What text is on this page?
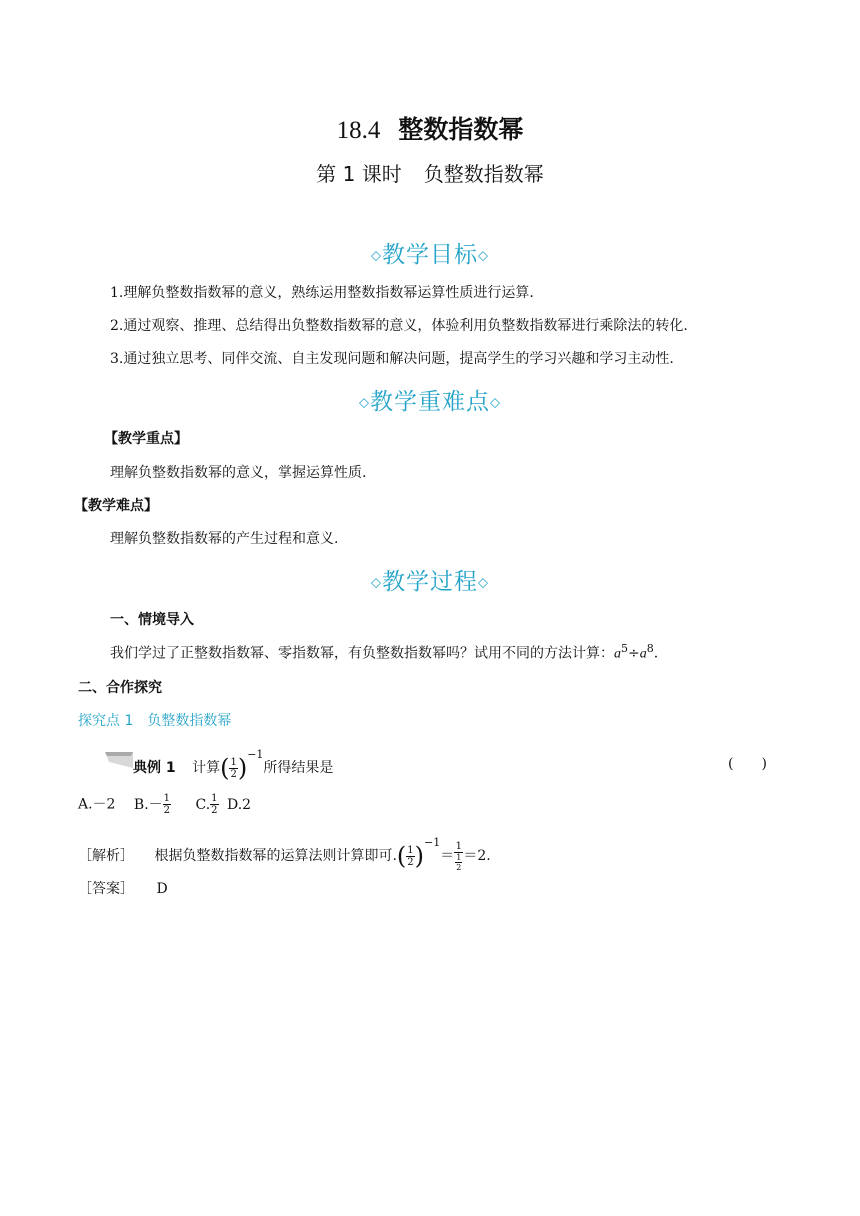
18.4 整数指数幂
第 1 课时 负整数指数幂
◇教学目标◇
1.理解负整数指数幂的意义，熟练运用整数指数幂运算性质进行运算.
2.通过观察、推理、总结得出负整数指数幂的意义，体验利用负整数指数幂进行乘除法的转化.
3.通过独立思考、同伴交流、自主发现问题和解决问题，提高学生的学习兴趣和学习主动性.
◇教学重难点◇
【教学重点】
理解负整数指数幂的意义，掌握运算性质.
【教学难点】
理解负整数指数幂的产生过程和意义.
◇教学过程◇
一、情境导入
我们学过了正整数指数幂、零指数幂，有负整数指数幂吗？试用不同的方法计算：$a^5\div a^8$.
二、合作探究
探究点 1　负整数指数幂
典例 1 计算( $\frac{1}{2} )^{-1}$所得结果是	(　　)
A.－2 $B.- \frac{1}{2} C$. $\frac{1}{2} D.2$
［解析］ 根据负整数指数幂的运算法则计算即可.( $\frac{1}{2} )^{-1}= \frac{1}{\frac{1}{2}} =2$.
［答案］ D
